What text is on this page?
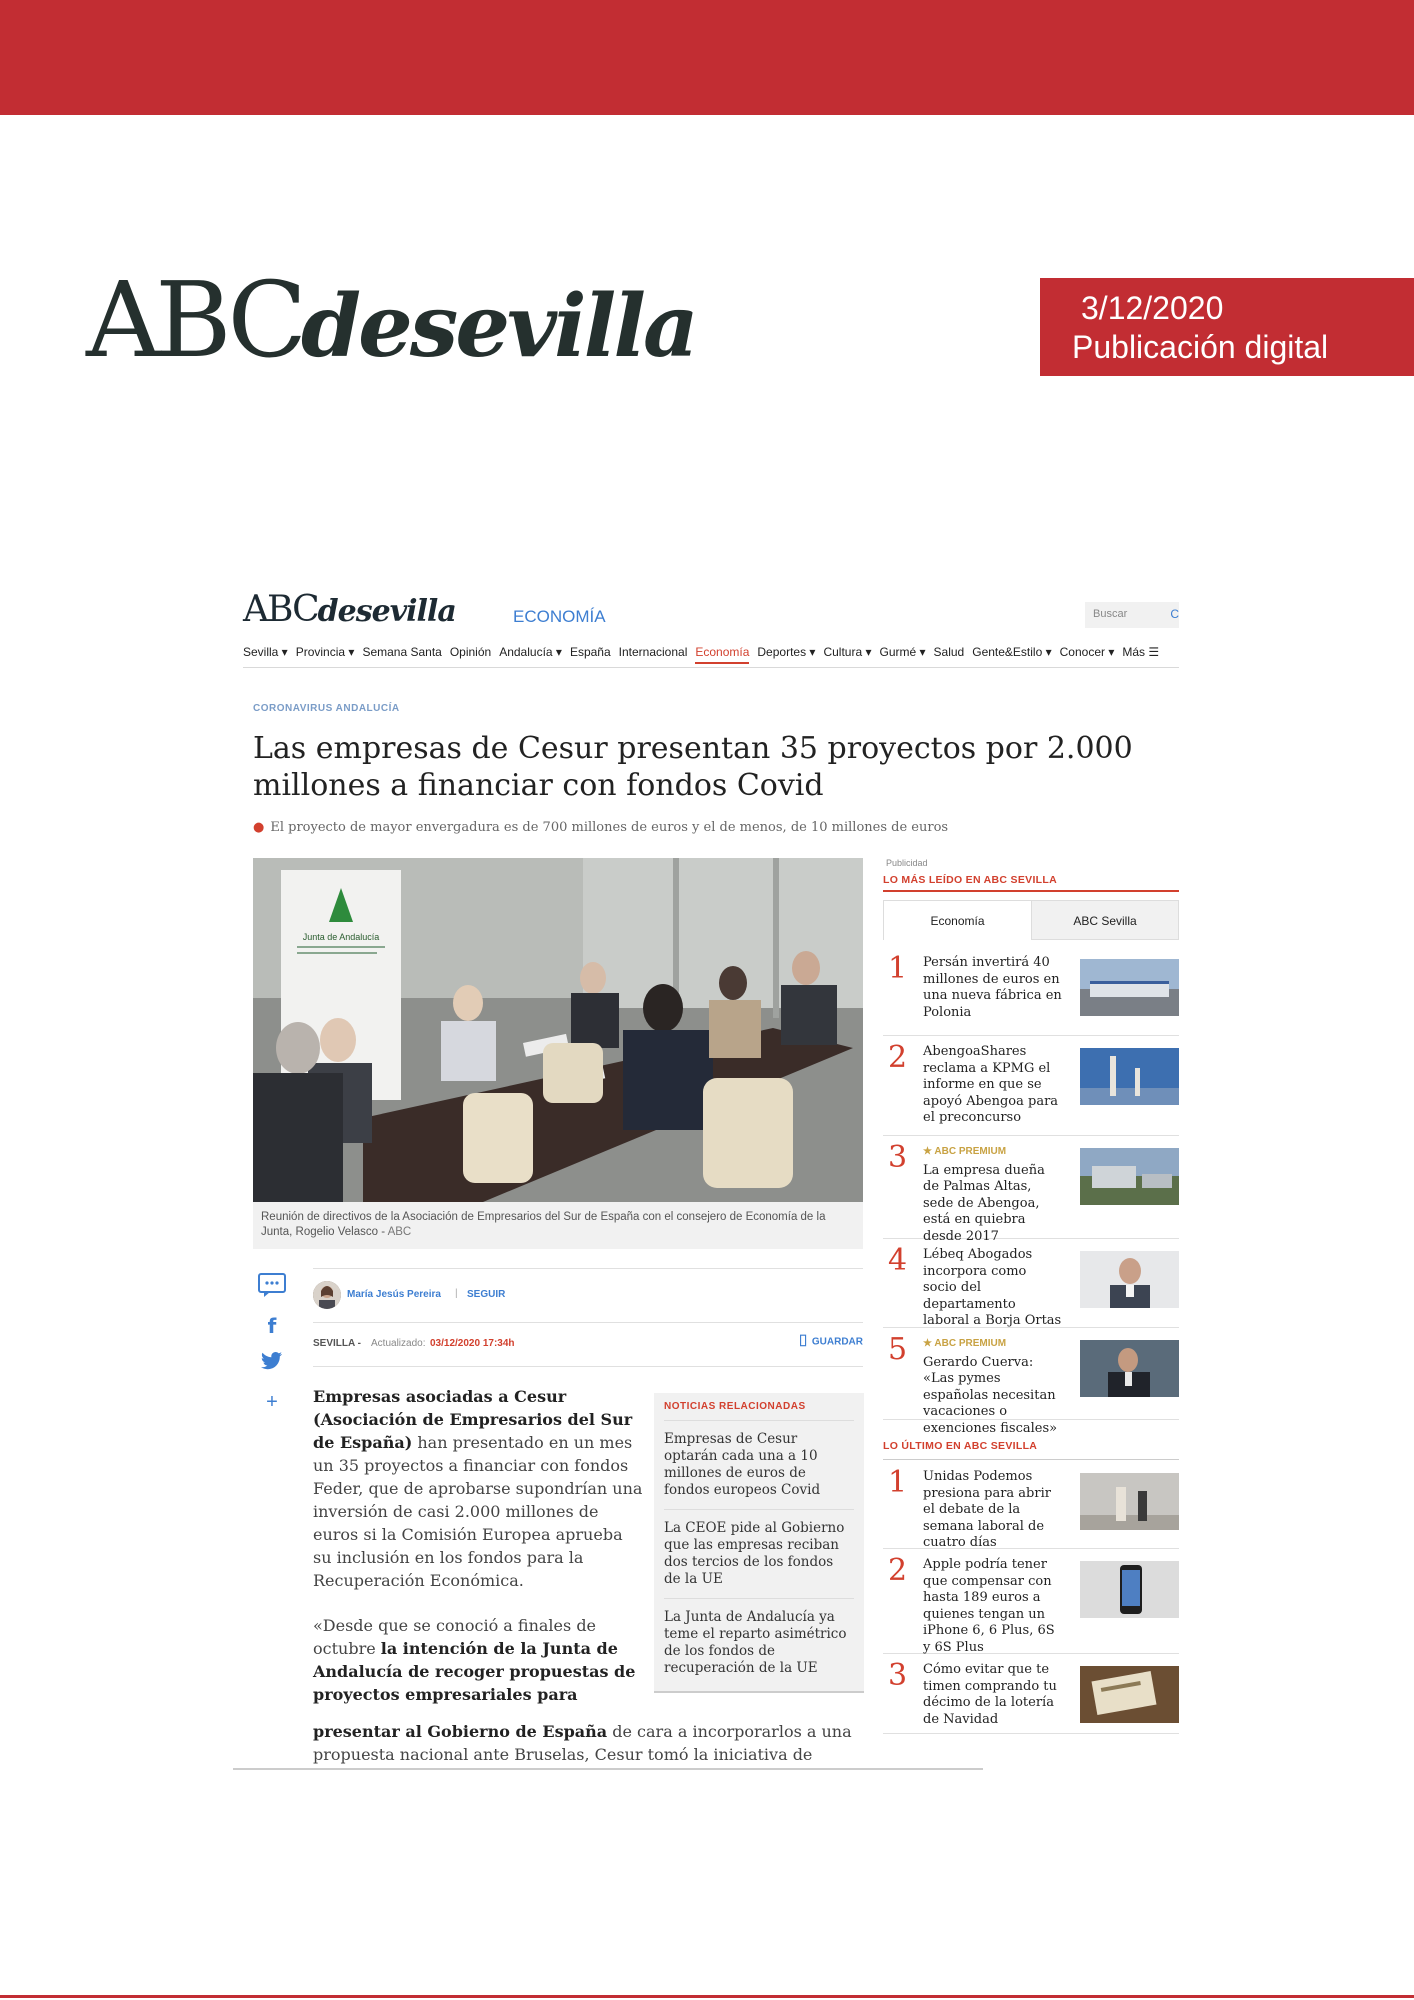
ABCdesevilla	3/12/2020
Publicación digital
ABCdesevilla	ECONOMÍA	Buscar	C
Sevilla ▾ Provincia ▾ Semana Santa Opinión Andalucía ▾ España Internacional Economía Deportes ▾ Cultura ▾ Gurmé ▾ Salud Gente&Estilo ▾ Conocer ▾ Más ☰
CORONAVIRUS ANDALUCÍA
Las empresas de Cesur presentan 35 proyectos por 2.000 millones a financiar con fondos Covid
● El proyecto de mayor envergadura es de 700 millones de euros y el de menos, de 10 millones de euros
Junta de Andalucía
Reunión de directivos de la Asociación de Empresarios del Sur de España con el consejero de Economía de la Junta, Rogelio Velasco - ABC
f
+
María Jesús Pereira | SEGUIR
SEVILLA - Actualizado: 03/12/2020 17:34h	⌷ GUARDAR

Empresas asociadas a Cesur (Asociación de Empresarios del Sur de España) han presentado en un mes un 35 proyectos a financiar con fondos Feder, que de aprobarse supondrían una inversión de casi 2.000 millones de euros si la Comisión Europea aprueba su inclusión en los fondos para la Recuperación Económica.

«Desde que se conoció a finales de octubre la intención de la Junta de Andalucía de recoger propuestas de proyectos empresariales para

presentar al Gobierno de España de cara a incorporarlos a una propuesta nacional ante Bruselas, Cesur tomó la iniciativa de
NOTICIAS RELACIONADAS
Empresas de Cesur optarán cada una a 10 millones de euros de fondos europeos Covid
La CEOE pide al Gobierno que las empresas reciban dos tercios de los fondos de la UE
La Junta de Andalucía ya teme el reparto asimétrico de los fondos de recuperación de la UE
Publicidad
LO MÁS LEÍDO EN ABC SEVILLA
Economía	ABC Sevilla
1 Persán invertirá 40 millones de euros en una nueva fábrica en Polonia
2 AbengoaShares reclama a KPMG el informe en que se apoyó Abengoa para el preconcurso
3 ★ ABC PREMIUM
La empresa dueña de Palmas Altas, sede de Abengoa, está en quiebra desde 2017
4 Lébeq Abogados incorpora como socio del departamento laboral a Borja Ortas
5 ★ ABC PREMIUM
Gerardo Cuerva: «Las pymes españolas necesitan vacaciones o exenciones fiscales»
LO ÚLTIMO EN ABC SEVILLA
1 Unidas Podemos presiona para abrir el debate de la semana laboral de cuatro días
2 Apple podría tener que compensar con hasta 189 euros a quienes tengan un iPhone 6, 6 Plus, 6S y 6S Plus
3 Cómo evitar que te timen comprando tu décimo de la lotería de Navidad
